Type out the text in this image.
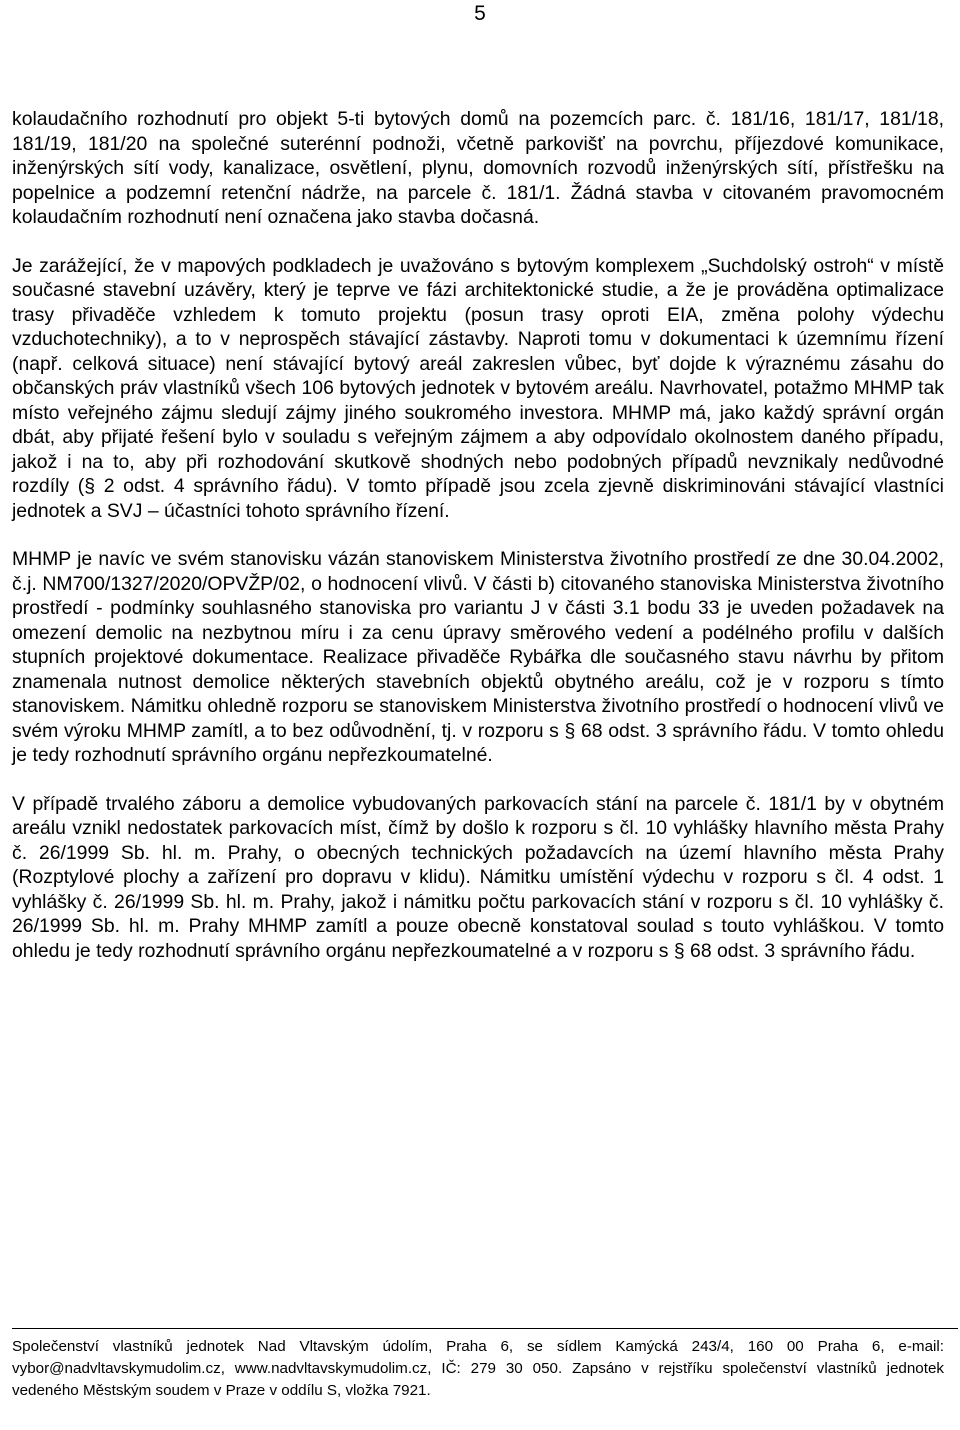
5

kolaudačního rozhodnutí pro objekt 5-ti bytových domů na pozemcích parc. č. 181/16, 181/17, 181/18, 181/19, 181/20 na společné suterénní podnoži, včetně parkovišť na povrchu, příjezdové komunikace, inženýrských sítí vody, kanalizace, osvětlení, plynu, domovních rozvodů inženýrských sítí, přístřešku na popelnice a podzemní retenční nádrže, na parcele č. 181/1. Žádná stavba v citovaném pravomocném kolaudačním rozhodnutí není označena jako stavba dočasná.

Je zarážející, že v mapových podkladech je uvažováno s bytovým komplexem „Suchdolský ostroh“ v místě současné stavební uzávěry, který je teprve ve fázi architektonické studie, a že je prováděna optimalizace trasy přivaděče vzhledem k tomuto projektu (posun trasy oproti EIA, změna polohy výdechu vzduchotechniky), a to v neprospěch stávající zástavby. Naproti tomu v dokumentaci k územnímu řízení (např. celková situace) není stávající bytový areál zakreslen vůbec, byť dojde k výraznému zásahu do občanských práv vlastníků všech 106 bytových jednotek v bytovém areálu. Navrhovatel, potažmo MHMP tak místo veřejného zájmu sledují zájmy jiného soukromého investora. MHMP má, jako každý správní orgán dbát, aby přijaté řešení bylo v souladu s veřejným zájmem a aby odpovídalo okolnostem daného případu, jakož i na to, aby při rozhodování skutkově shodných nebo podobných případů nevznikaly nedůvodné rozdíly (§ 2 odst. 4 správního řádu). V tomto případě jsou zcela zjevně diskriminováni stávající vlastníci jednotek a SVJ – účastníci tohoto správního řízení.

MHMP je navíc ve svém stanovisku vázán stanoviskem Ministerstva životního prostředí ze dne 30.04.2002, č.j. NM700/1327/2020/OPVŽP/02, o hodnocení vlivů. V části b) citovaného stanoviska Ministerstva životního prostředí - podmínky souhlasného stanoviska pro variantu J v části 3.1 bodu 33 je uveden požadavek na omezení demolic na nezbytnou míru i za cenu úpravy směrového vedení a podélného profilu v dalších stupních projektové dokumentace. Realizace přivaděče Rybářka dle současného stavu návrhu by přitom znamenala nutnost demolice některých stavebních objektů obytného areálu, což je v rozporu s tímto stanoviskem. Námitku ohledně rozporu se stanoviskem Ministerstva životního prostředí o hodnocení vlivů ve svém výroku MHMP zamítl, a to bez odůvodnění, tj. v rozporu s § 68 odst. 3 správního řádu. V tomto ohledu je tedy rozhodnutí správního orgánu nepřezkoumatelné.

V případě trvalého záboru a demolice vybudovaných parkovacích stání na parcele č. 181/1 by v obytném areálu vznikl nedostatek parkovacích míst, čímž by došlo k rozporu s čl. 10 vyhlášky hlavního města Prahy č. 26/1999 Sb. hl. m. Prahy, o obecných technických požadavcích na území hlavního města Prahy (Rozptylové plochy a zařízení pro dopravu v klidu). Námitku umístění výdechu v rozporu s čl. 4 odst. 1 vyhlášky č. 26/1999 Sb. hl. m. Prahy, jakož i námitku počtu parkovacích stání v rozporu s čl. 10 vyhlášky č. 26/1999 Sb. hl. m. Prahy MHMP zamítl a pouze obecně konstatoval soulad s touto vyhláškou. V tomto ohledu je tedy rozhodnutí správního orgánu nepřezkoumatelné a v rozporu s § 68 odst. 3 správního řádu.

Společenství vlastníků jednotek Nad Vltavským údolím, Praha 6, se sídlem Kamýcká 243/4, 160 00 Praha 6, e-mail: vybor@nadvltavskymudolim.cz, www.nadvltavskymudolim.cz, IČ: 279 30 050. Zapsáno v rejstříku společenství vlastníků jednotek vedeného Městským soudem v Praze v oddílu S, vložka 7921.
